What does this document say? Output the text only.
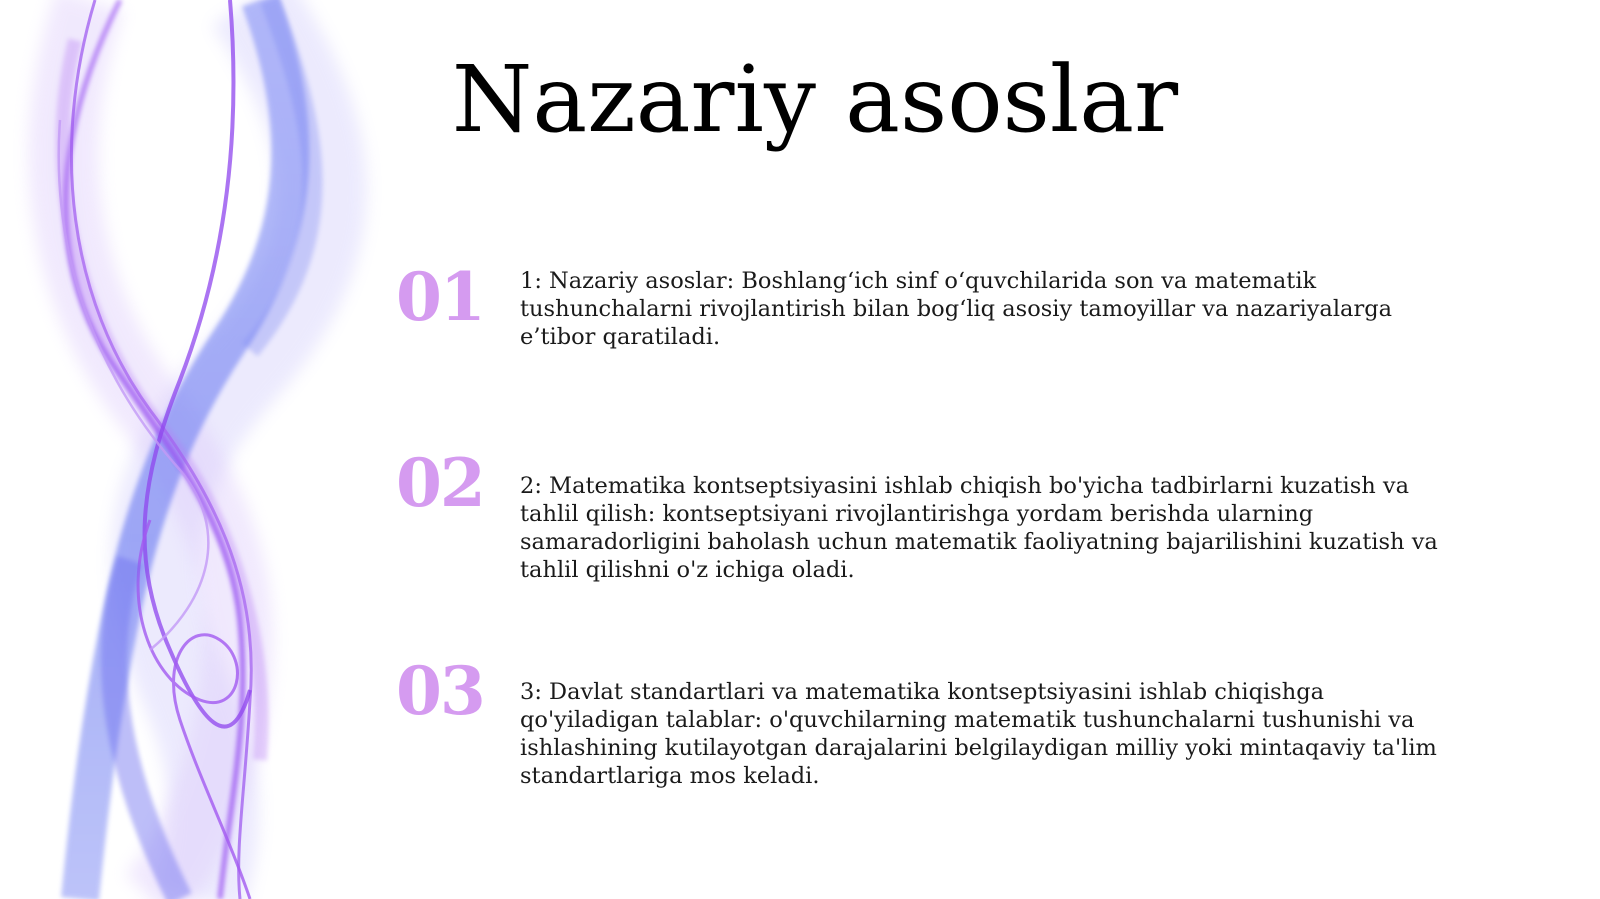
Nazariy asoslar
01	1: Nazariy asoslar: Boshlang‘ich sinf o‘quvchilarida son va matematik tushunchalarni rivojlantirish bilan bog‘liq asosiy tamoyillar va nazariyalarga e’tibor qaratiladi.
02	2: Matematika kontseptsiyasini ishlab chiqish bo'yicha tadbirlarni kuzatish va tahlil qilish: kontseptsiyani rivojlantirishga yordam berishda ularning samaradorligini baholash uchun matematik faoliyatning bajarilishini kuzatish va tahlil qilishni o'z ichiga oladi.
03	3: Davlat standartlari va matematika kontseptsiyasini ishlab chiqishga qo'yiladigan talablar: o'quvchilarning matematik tushunchalarni tushunishi va ishlashining kutilayotgan darajalarini belgilaydigan milliy yoki mintaqaviy ta'lim standartlariga mos keladi.
